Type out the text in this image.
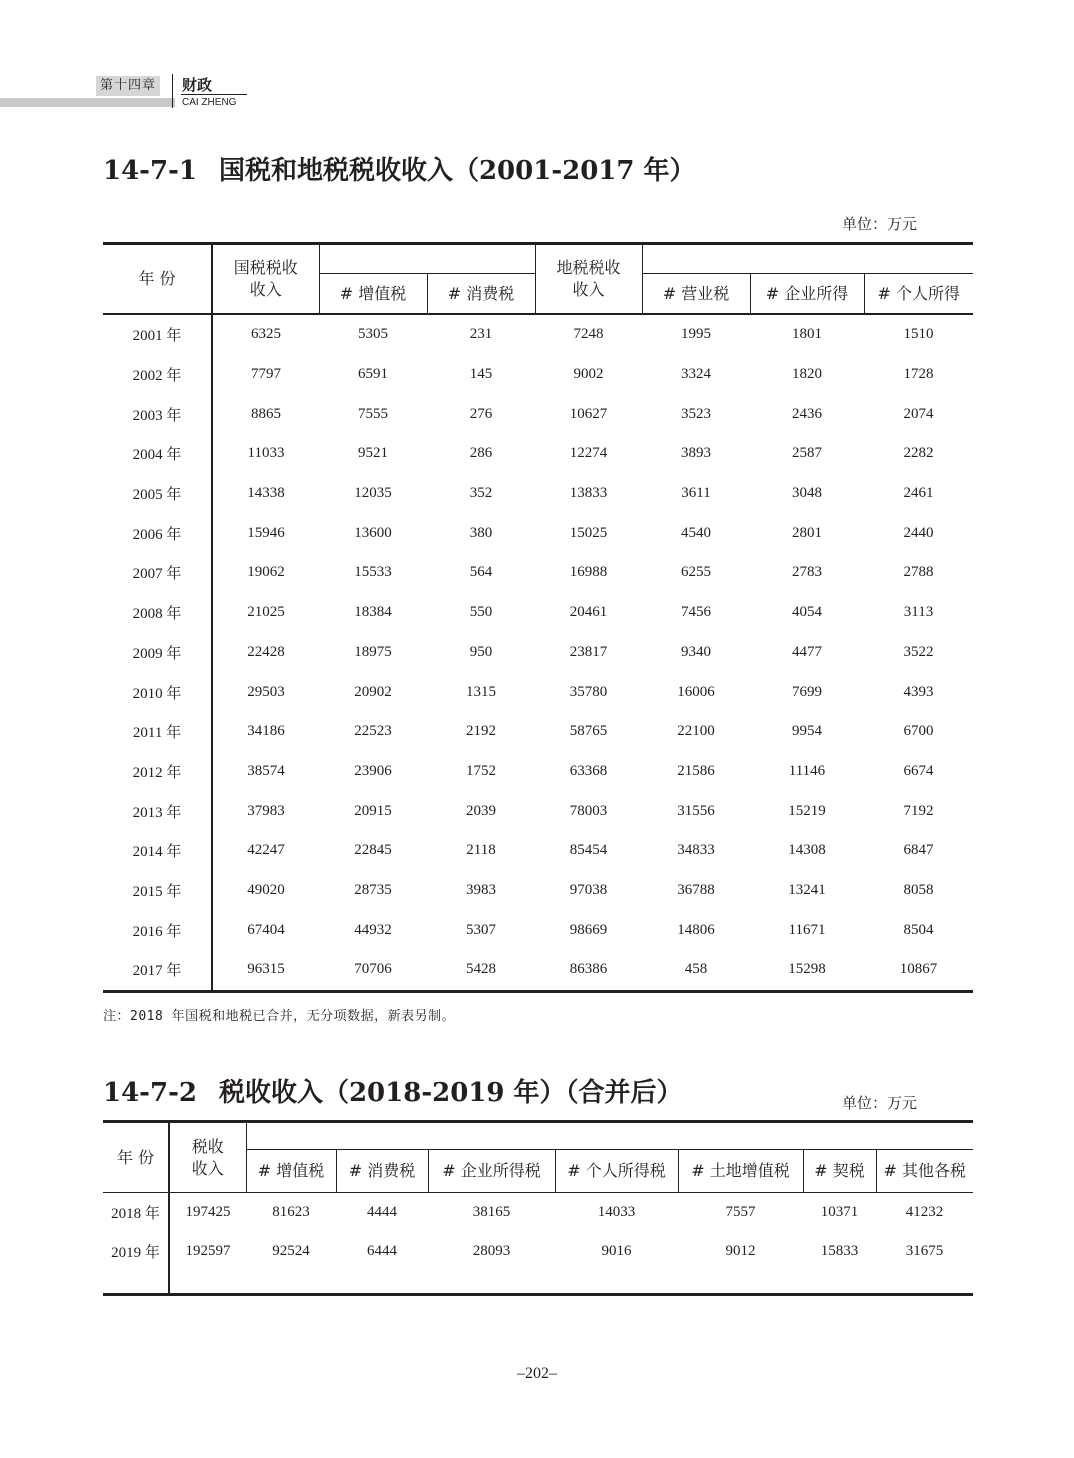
第十四章 财政
CAI ZHENG
14-7-1 国税和地税税收收入（2001-2017 年）
单位：万元
年 份	国税税收
收入			地税税收
收入			
		# 增值税	# 消费税		# 营业税	# 企业所得	# 个人所得
2001 年	6325	5305	231	7248	1995	1801	1510
2002 年	7797	6591	145	9002	3324	1820	1728
2003 年	8865	7555	276	10627	3523	2436	2074
2004 年	11033	9521	286	12274	3893	2587	2282
2005 年	14338	12035	352	13833	3611	3048	2461
2006 年	15946	13600	380	15025	4540	2801	2440
2007 年	19062	15533	564	16988	6255	2783	2788
2008 年	21025	18384	550	20461	7456	4054	3113
2009 年	22428	18975	950	23817	9340	4477	3522
2010 年	29503	20902	1315	35780	16006	7699	4393
2011 年	34186	22523	2192	58765	22100	9954	6700
2012 年	38574	23906	1752	63368	21586	11146	6674
2013 年	37983	20915	2039	78003	31556	15219	7192
2014 年	42247	22845	2118	85454	34833	14308	6847
2015 年	49020	28735	3983	97038	36788	13241	8058
2016 年	67404	44932	5307	98669	14806	11671	8504
2017 年	96315	70706	5428	86386	458	15298	10867
注：2018 年国税和地税已合并，无分项数据，新表另制。
14-7-2 税收收入（2018-2019 年）（合并后）	单位：万元
年 份	税收
收入							
		# 增值税	# 消费税	# 企业所得税	# 个人所得税	# 土地增值税	# 契税	# 其他各税
2018 年	197425	81623	4444	38165	14033	7557	10371	41232
2019 年	192597	92524	6444	28093	9016	9012	15833	31675

–202–
